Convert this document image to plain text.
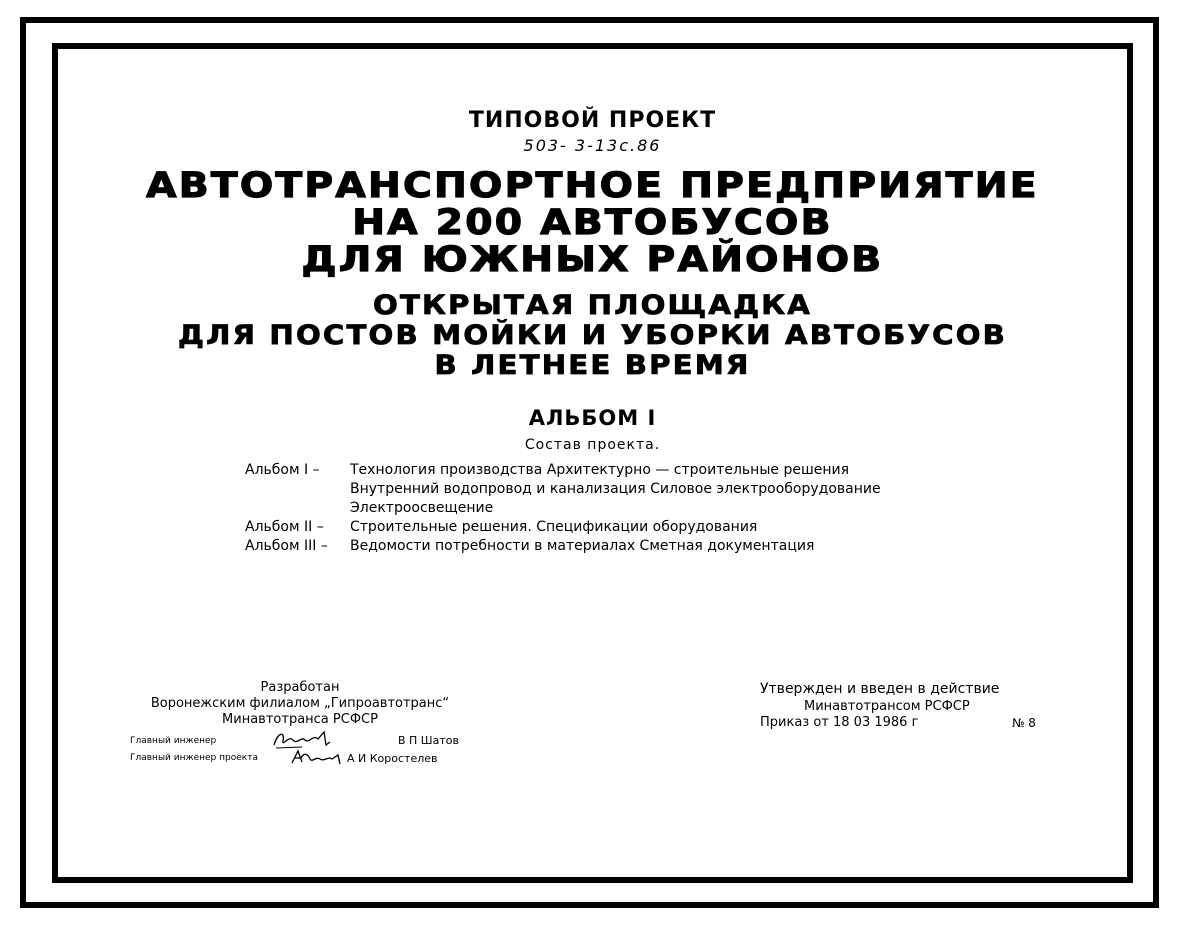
ТИПОВОЙ ПРОЕКТ
503- 3-13с.86
АВТОТРАНСПОРТНОЕ ПРЕДПРИЯТИЕ
НА 200 АВТОБУСОВ
ДЛЯ ЮЖНЫХ РАЙОНОВ
ОТКРЫТАЯ ПЛОЩАДКА
ДЛЯ ПОСТОВ МОЙКИ И УБОРКИ АВТОБУСОВ
В ЛЕТНЕЕ ВРЕМЯ
АЛЬБОМ I
Состав проекта.
Альбом I –	Технология производства Архитектурно — строительные решения
Внутренний водопровод и канализация Силовое электрооборудование
Электроосвещение
Альбом II –	Строительные решения. Спецификации оборудования
Альбом III –	Ведомости потребности в материалах Сметная документация
Разработан
Воронежским филиалом „Гипроавтотранс“
Минавтотранса РСФСР
Главный инженер	В П Шатов
Главный инженер проекта	А И Коростелев
Утвержден и введен в действие
Минавтотрансом РСФСР
Приказ от 18 03 1986 г	№ 8
